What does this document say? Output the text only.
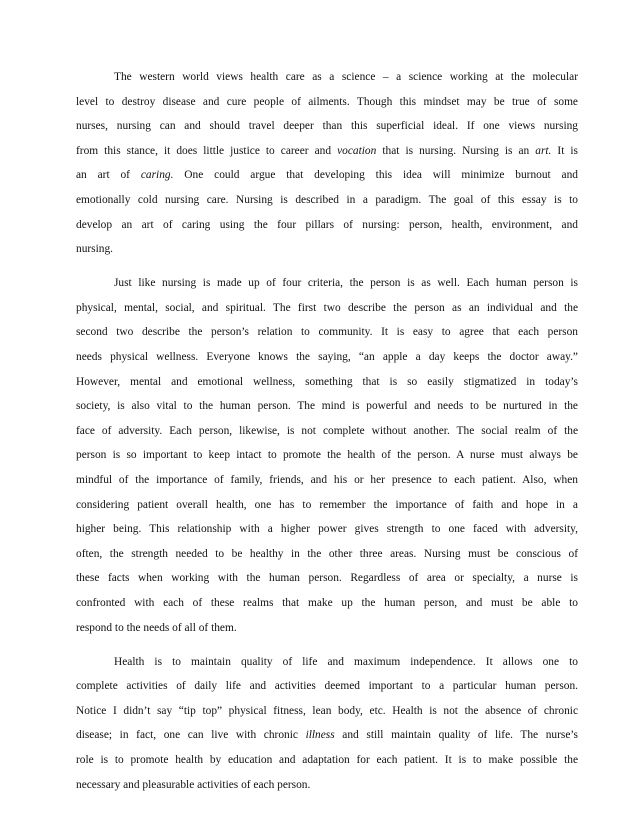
The western world views health care as a science – a science working at the molecular
level to destroy disease and cure people of ailments. Though this mindset may be true of some
nurses, nursing can and should travel deeper than this superficial ideal. If one views nursing
from this stance, it does little justice to career and vocation that is nursing. Nursing is an art. It is
an art of caring. One could argue that developing this idea will minimize burnout and
emotionally cold nursing care. Nursing is described in a paradigm. The goal of this essay is to
develop an art of caring using the four pillars of nursing: person, health, environment, and
nursing.
Just like nursing is made up of four criteria, the person is as well. Each human person is
physical, mental, social, and spiritual. The first two describe the person as an individual and the
second two describe the person’s relation to community. It is easy to agree that each person
needs physical wellness. Everyone knows the saying, “an apple a day keeps the doctor away.”
However, mental and emotional wellness, something that is so easily stigmatized in today’s
society, is also vital to the human person. The mind is powerful and needs to be nurtured in the
face of adversity. Each person, likewise, is not complete without another. The social realm of the
person is so important to keep intact to promote the health of the person. A nurse must always be
mindful of the importance of family, friends, and his or her presence to each patient. Also, when
considering patient overall health, one has to remember the importance of faith and hope in a
higher being. This relationship with a higher power gives strength to one faced with adversity,
often, the strength needed to be healthy in the other three areas. Nursing must be conscious of
these facts when working with the human person. Regardless of area or specialty, a nurse is
confronted with each of these realms that make up the human person, and must be able to
respond to the needs of all of them.
Health is to maintain quality of life and maximum independence. It allows one to
complete activities of daily life and activities deemed important to a particular human person.
Notice I didn’t say “tip top” physical fitness, lean body, etc. Health is not the absence of chronic
disease; in fact, one can live with chronic illness and still maintain quality of life. The nurse’s
role is to promote health by education and adaptation for each patient. It is to make possible the
necessary and pleasurable activities of each person.
